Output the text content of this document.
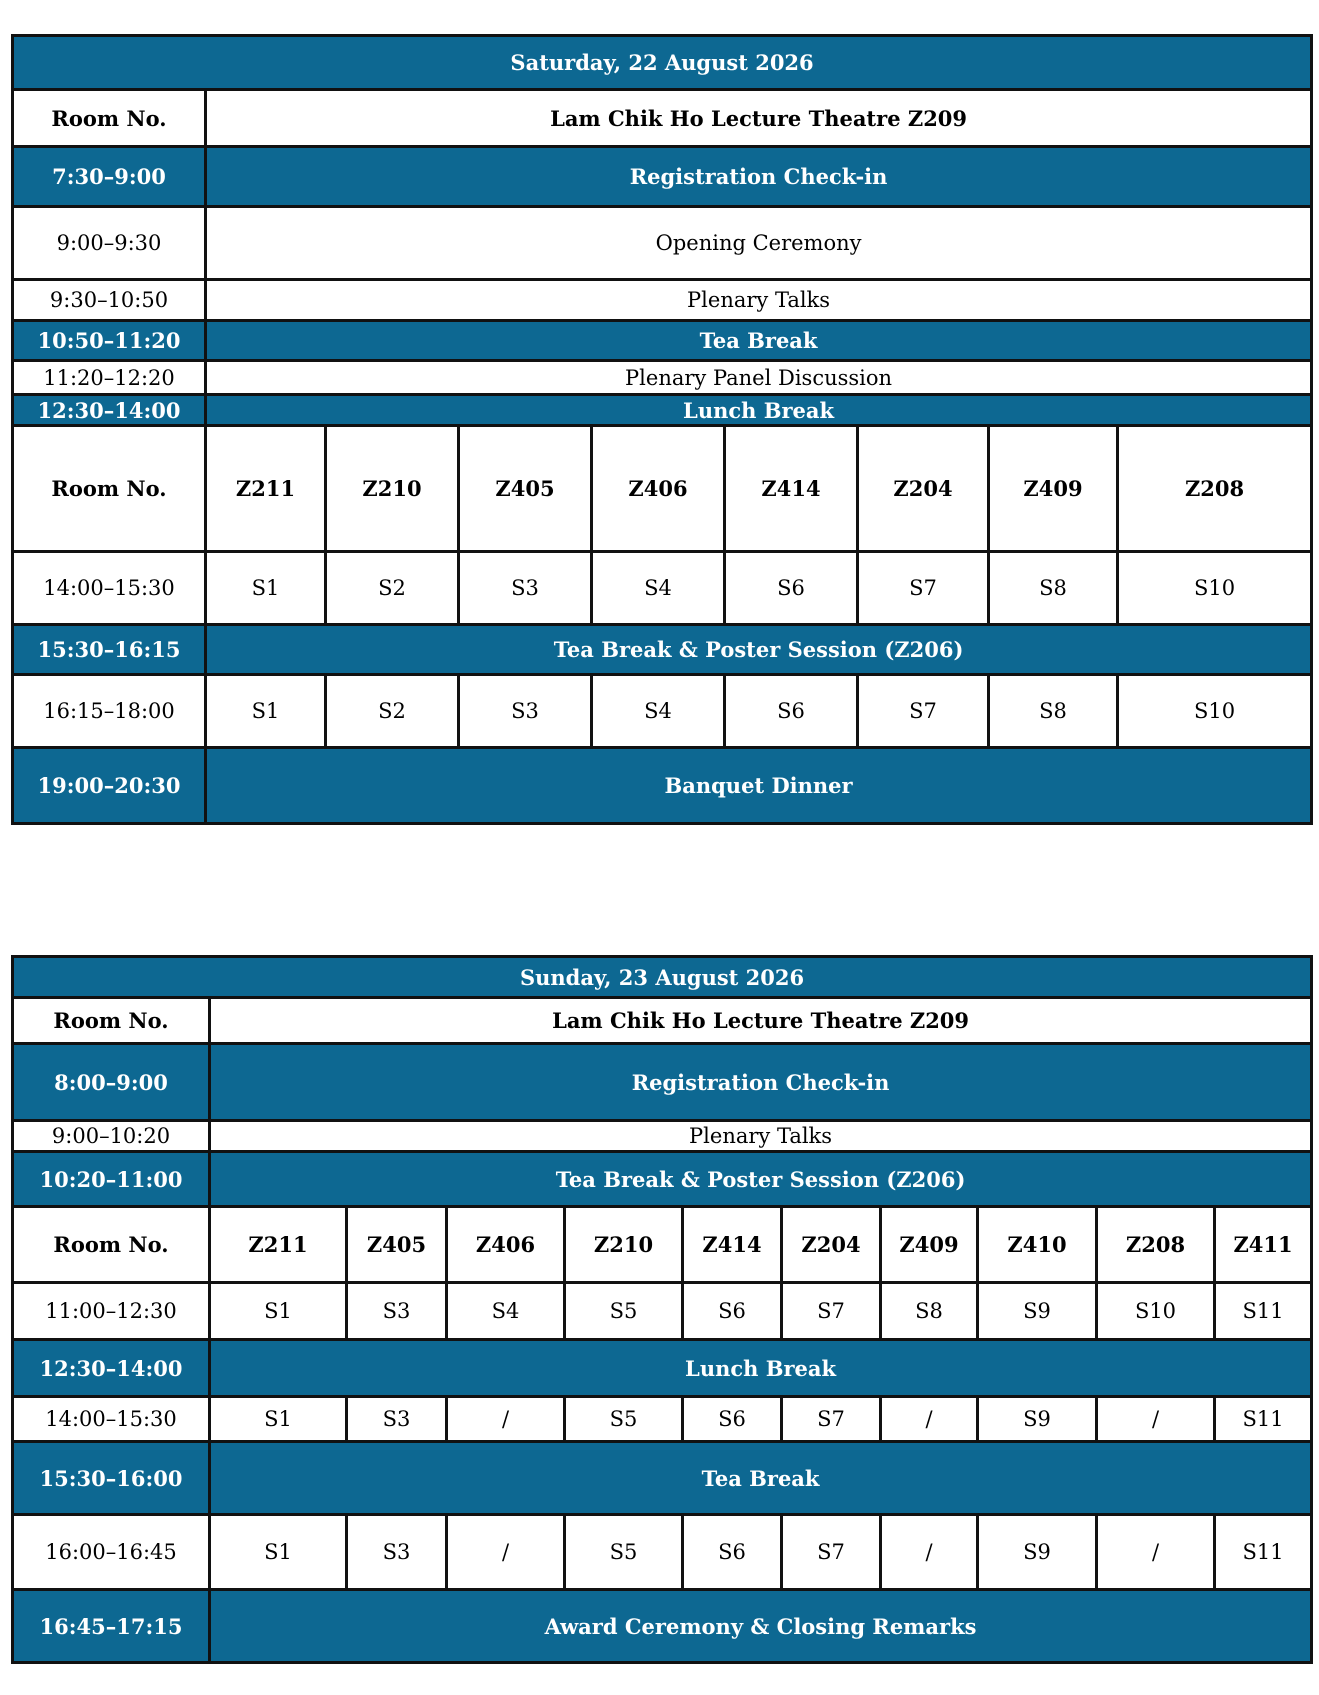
Saturday, 22 August 2026								
Room No.	Lam Chik Ho Lecture Theatre Z209							
7:30–9:00	Registration Check-in							
9:00–9:30	Opening Ceremony							
9:30–10:50	Plenary Talks							
10:50–11:20	Tea Break							
11:20–12:20	Plenary Panel Discussion							
12:30–14:00	Lunch Break							
Room No.	Z211	Z210	Z405	Z406	Z414	Z204	Z409	Z208
14:00–15:30	S1	S2	S3	S4	S6	S7	S8	S10
15:30–16:15	Tea Break & Poster Session (Z206)							
16:15–18:00	S1	S2	S3	S4	S6	S7	S8	S10
19:00–20:30	Banquet Dinner							
Sunday, 23 August 2026										
Room No.	Lam Chik Ho Lecture Theatre Z209									
8:00–9:00	Registration Check-in									
9:00–10:20	Plenary Talks									
10:20–11:00	Tea Break & Poster Session (Z206)									
Room No.	Z211	Z405	Z406	Z210	Z414	Z204	Z409	Z410	Z208	Z411
11:00–12:30	S1	S3	S4	S5	S6	S7	S8	S9	S10	S11
12:30–14:00	Lunch Break									
14:00–15:30	S1	S3	/	S5	S6	S7	/	S9	/	S11
15:30–16:00	Tea Break									
16:00–16:45	S1	S3	/	S5	S6	S7	/	S9	/	S11
16:45–17:15	Award Ceremony & Closing Remarks									
